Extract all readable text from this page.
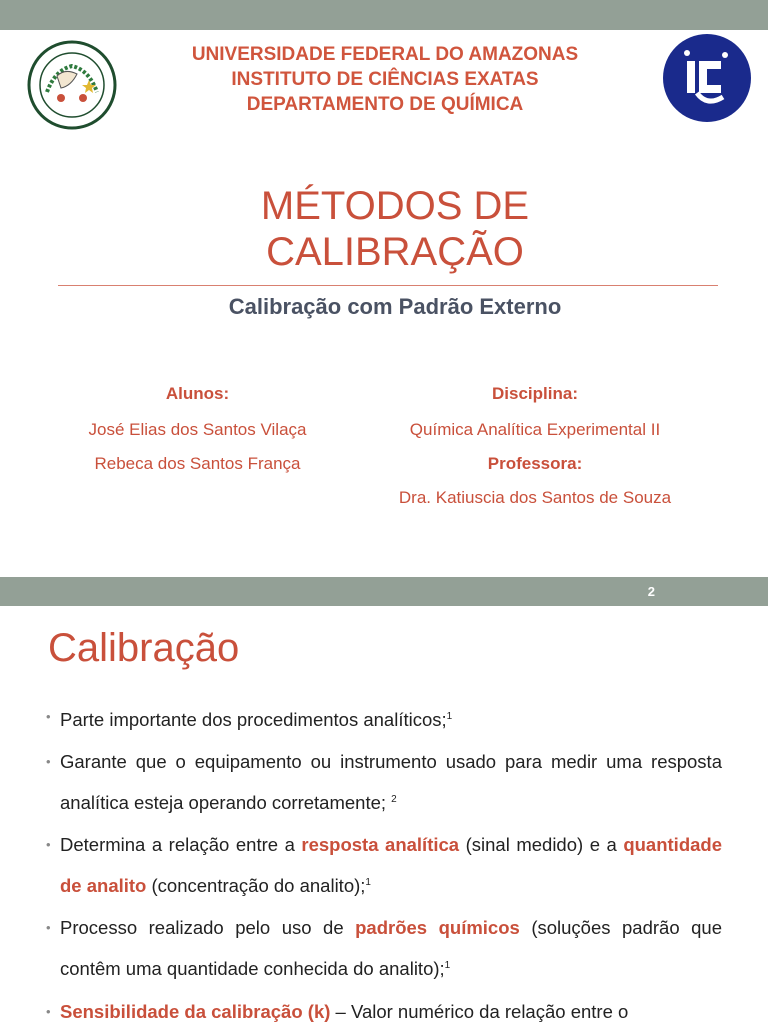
UNIVERSIDADE FEDERAL DO AMAZONAS
INSTITUTO DE CIÊNCIAS EXATAS
DEPARTAMENTO DE QUÍMICA
MÉTODOS DE
CALIBRAÇÃO
Calibração com Padrão Externo
Alunos:
José Elias dos Santos Vilaça
Rebeca dos Santos França
Disciplina:
Química Analítica Experimental II
Professora:
Dra. Katiuscia dos Santos de Souza
2
Calibração
• Parte importante dos procedimentos analíticos;$^1$
• Garante que o equipamento ou instrumento usado para medir uma resposta analítica esteja operando corretamente; $^2$
• Determina a relação entre a resposta analítica (sinal medido) e a quantidade de analito (concentração do analito);$^1$
• Processo realizado pelo uso de padrões químicos (soluções padrão que contêm uma quantidade conhecida do analito);$^1$
• Sensibilidade da calibração (k) – Valor numérico da relação entre o
